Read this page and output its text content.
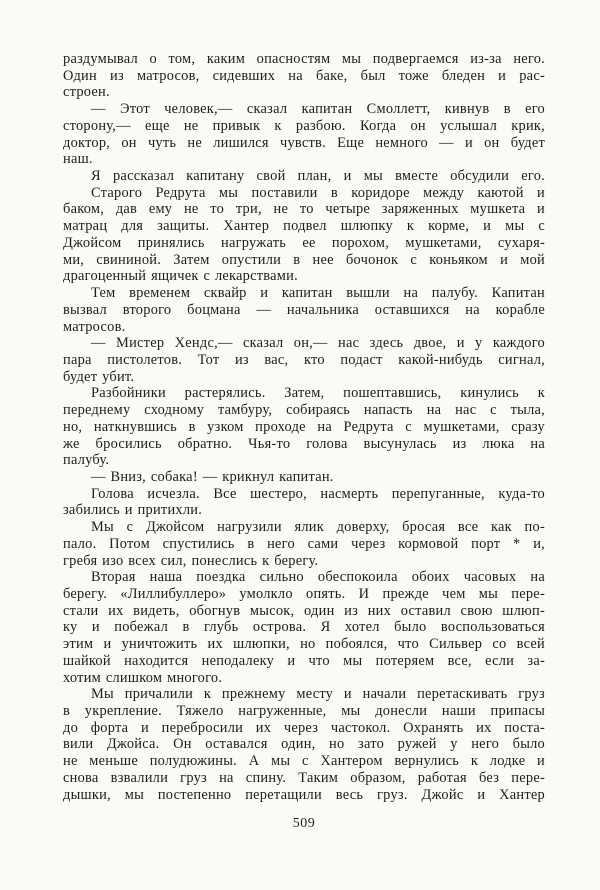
раздумывал о том, каким опасностям мы подвергаемся из-за него.
Один из матросов, сидевших на баке, был тоже бледен и рас-
строен.
— Этот человек,— сказал капитан Смоллетт, кивнув в его
сторону,— еще не привык к разбою. Когда он услышал крик,
доктор, он чуть не лишился чувств. Еще немного — и он будет
наш.
Я рассказал капитану свой план, и мы вместе обсудили его.
Старого Редрута мы поставили в коридоре между каютой и
баком, дав ему не то три, не то четыре заряженных мушкета и
матрац для защиты. Хантер подвел шлюпку к корме, и мы с
Джойсом принялись нагружать ее порохом, мушкетами, сухаря-
ми, свининой. Затем опустили в нее бочонок с коньяком и мой
драгоценный ящичек с лекарствами.
Тем временем сквайр и капитан вышли на палубу. Капитан
вызвал второго боцмана — начальника оставшихся на корабле
матросов.
— Мистер Хендс,— сказал он,— нас здесь двое, и у каждого
пара пистолетов. Тот из вас, кто подаст какой-нибудь сигнал,
будет убит.
Разбойники растерялись. Затем, пошептавшись, кинулись к
переднему сходному тамбуру, собираясь напасть на нас с тыла,
но, наткнувшись в узком проходе на Редрута с мушкетами, сразу
же бросились обратно. Чья-то голова высунулась из люка на
палубу.
— Вниз, собака! — крикнул капитан.
Голова исчезла. Все шестеро, насмерть перепуганные, куда-то
забились и притихли.
Мы с Джойсом нагрузили ялик доверху, бросая все как по-
пало. Потом спустились в него сами через кормовой порт * и,
гребя изо всех сил, понеслись к берегу.
Вторая наша поездка сильно обеспокоила обоих часовых на
берегу. «Лиллибуллеро» умолкло опять. И прежде чем мы пере-
стали их видеть, обогнув мысок, один из них оставил свою шлюп-
ку и побежал в глубь острова. Я хотел было воспользоваться
этим и уничтожить их шлюпки, но побоялся, что Сильвер со всей
шайкой находится неподалеку и что мы потеряем все, если за-
хотим слишком многого.
Мы причалили к прежнему месту и начали перетаскивать груз
в укрепление. Тяжело нагруженные, мы донесли наши припасы
до форта и перебросили их через частокол. Охранять их поста-
вили Джойса. Он оставался один, но зато ружей у него было
не меньше полудюжины. А мы с Хантером вернулись к лодке и
снова взвалили груз на спину. Таким образом, работая без пере-
дышки, мы постепенно перетащили весь груз. Джойс и Хантер
509
